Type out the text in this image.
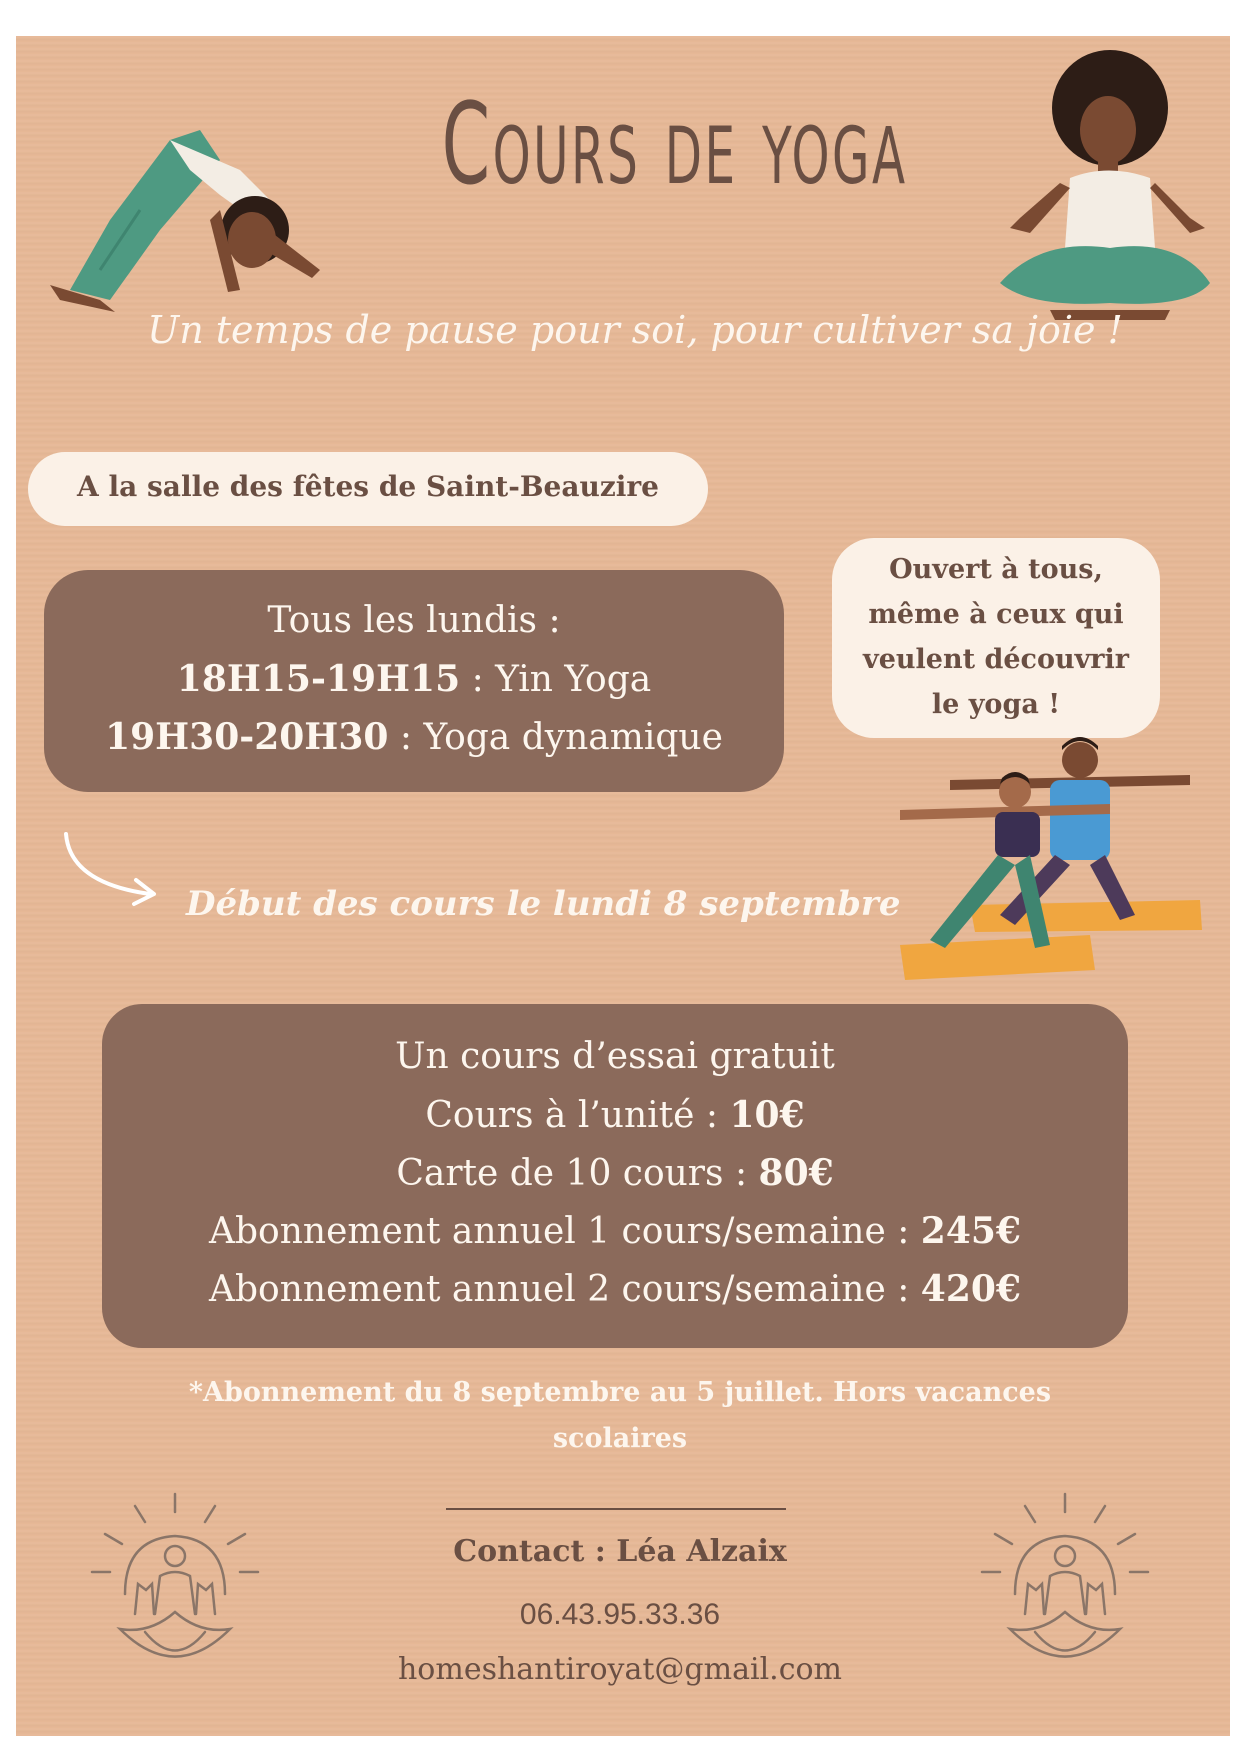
Cours de yoga
Un temps de pause pour soi, pour cultiver sa joie !
A la salle des fêtes de Saint-Beauzire
Tous les lundis :
18H15-19H15 : Yin Yoga
19H30-20H30 : Yoga dynamique
Ouvert à tous,
même à ceux qui
veulent découvrir
le yoga !
Début des cours le lundi 8 septembre
Un cours d’essai gratuit
Cours à l’unité : 10€
Carte de 10 cours : 80€
Abonnement annuel 1 cours/semaine : 245€
Abonnement annuel 2 cours/semaine : 420€
*Abonnement du 8 septembre au 5 juillet. Hors vacances scolaires
Contact : Léa Alzaix
06.43.95.33.36
homeshantiroyat@gmail.com
